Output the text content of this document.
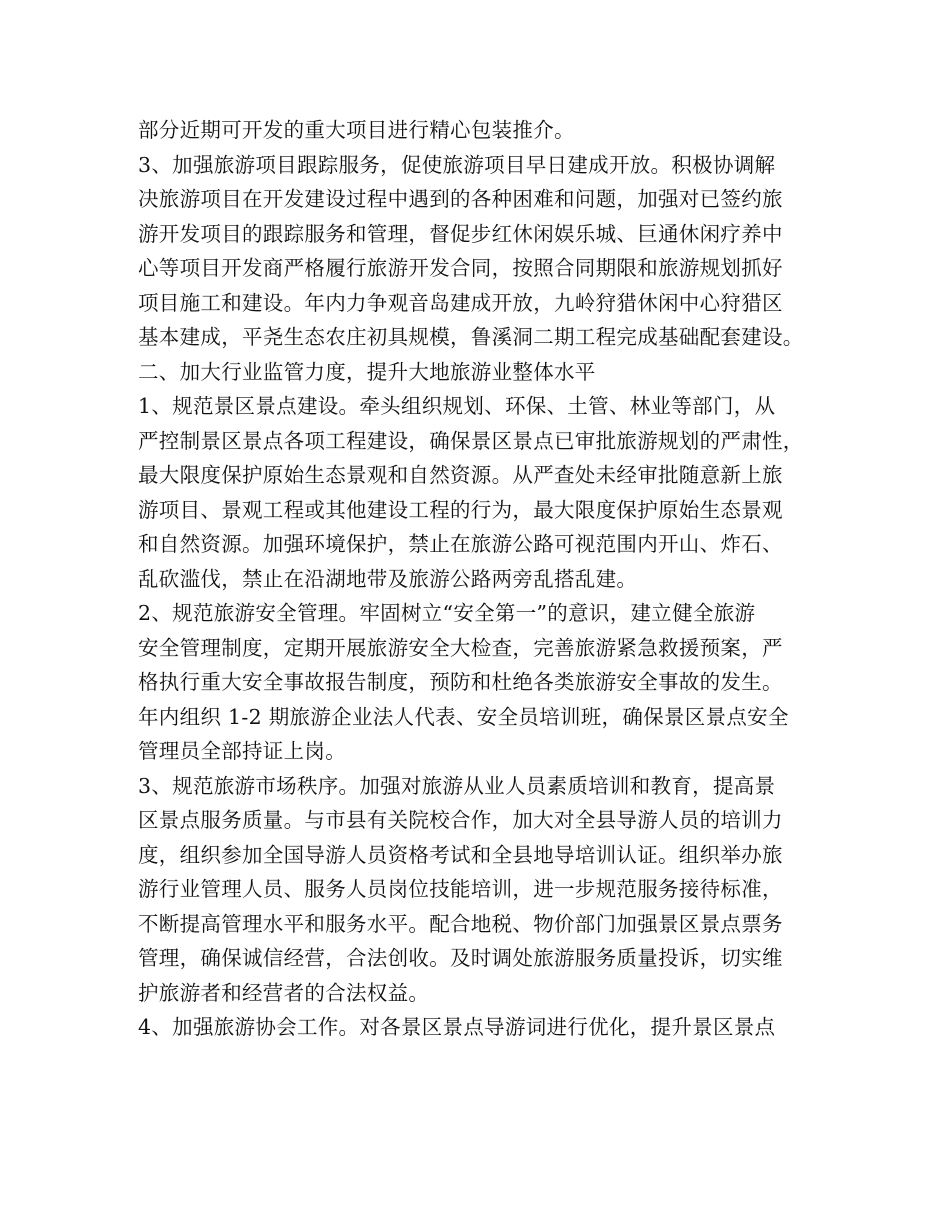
部分近期可开发的重大项目进行精心包装推介。
3、加强旅游项目跟踪服务，促使旅游项目早日建成开放。积极协调解
决旅游项目在开发建设过程中遇到的各种困难和问题，加强对已签约旅
游开发项目的跟踪服务和管理，督促步红休闲娱乐城、巨通休闲疗养中
心等项目开发商严格履行旅游开发合同，按照合同期限和旅游规划抓好
项目施工和建设。年内力争观音岛建成开放，九岭狩猎休闲中心狩猎区
基本建成，平尧生态农庄初具规模，鲁溪洞二期工程完成基础配套建设。
二、加大行业监管力度，提升大地旅游业整体水平
1、规范景区景点建设。牵头组织规划、环保、土管、林业等部门，从
严控制景区景点各项工程建设，确保景区景点已审批旅游规划的严肃性，
最大限度保护原始生态景观和自然资源。从严查处未经审批随意新上旅
游项目、景观工程或其他建设工程的行为，最大限度保护原始生态景观
和自然资源。加强环境保护，禁止在旅游公路可视范围内开山、炸石、
乱砍滥伐，禁止在沿湖地带及旅游公路两旁乱搭乱建。
2、规范旅游安全管理。牢固树立“安全第一”的意识，建立健全旅游
安全管理制度，定期开展旅游安全大检查，完善旅游紧急救援预案，严
格执行重大安全事故报告制度，预防和杜绝各类旅游安全事故的发生。
年内组织 1-2 期旅游企业法人代表、安全员培训班，确保景区景点安全
管理员全部持证上岗。
3、规范旅游市场秩序。加强对旅游从业人员素质培训和教育，提高景
区景点服务质量。与市县有关院校合作，加大对全县导游人员的培训力
度，组织参加全国导游人员资格考试和全县地导培训认证。组织举办旅
游行业管理人员、服务人员岗位技能培训，进一步规范服务接待标准，
不断提高管理水平和服务水平。配合地税、物价部门加强景区景点票务
管理，确保诚信经营，合法创收。及时调处旅游服务质量投诉，切实维
护旅游者和经营者的合法权益。
4、加强旅游协会工作。对各景区景点导游词进行优化，提升景区景点
